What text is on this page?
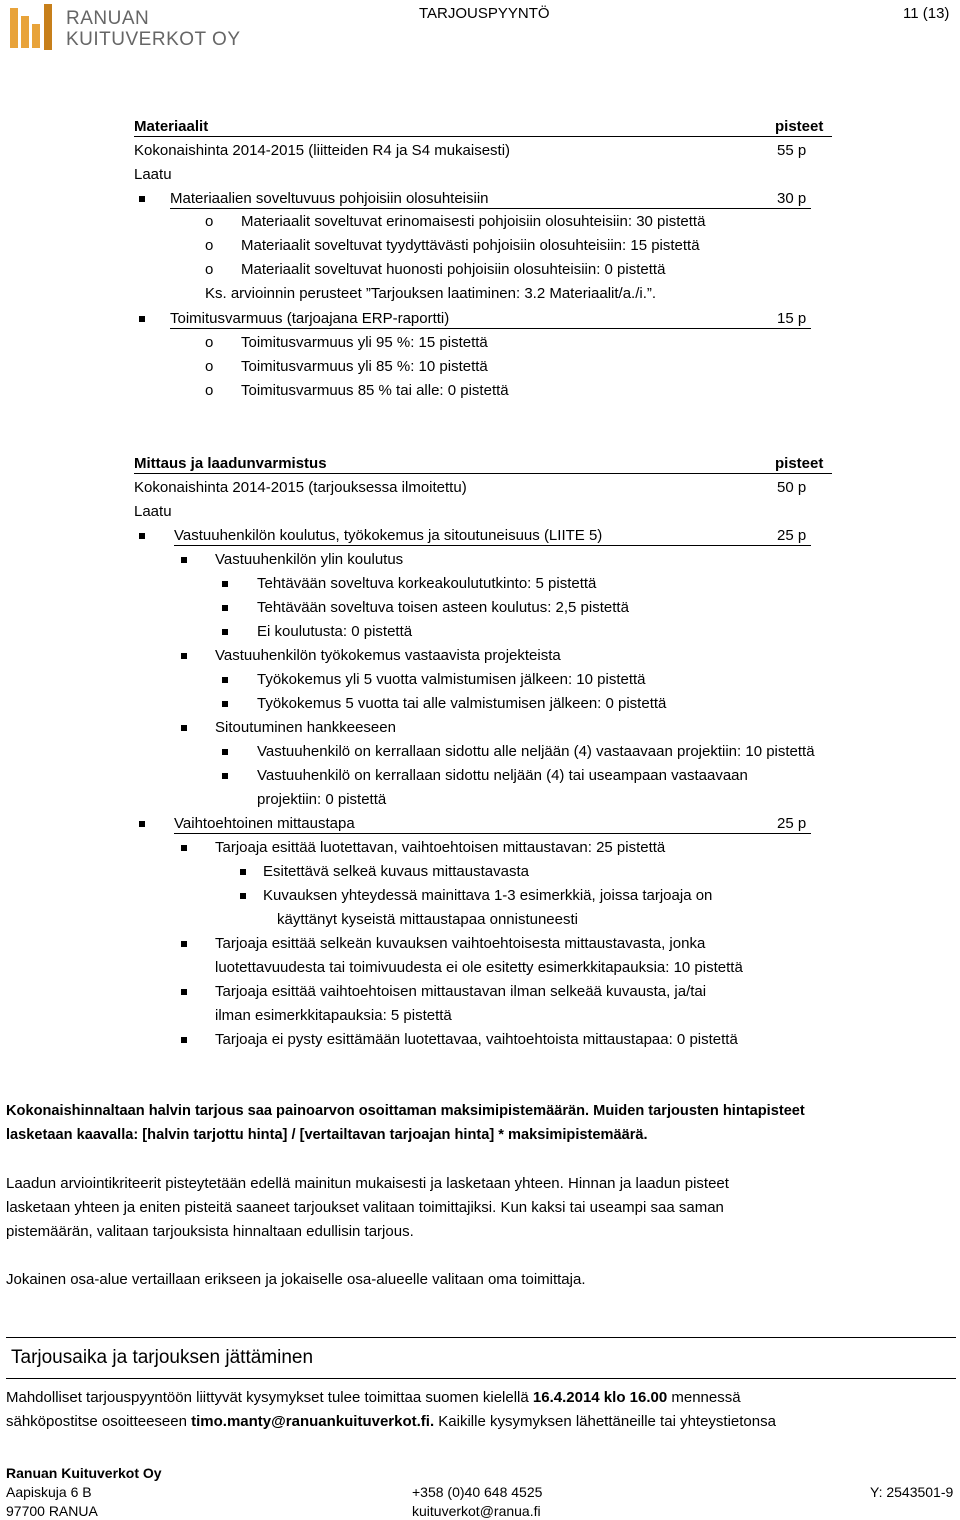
RANUAN
KUITUVERKOT OY
TARJOUSPYYNTÖ	11 (13)
Materiaalit	pisteet
Kokonaishinta 2014-2015 (liitteiden R4 ja S4 mukaisesti)	55 p
Laatu
Materiaalien soveltuvuus pohjoisiin olosuhteisiin	30 p
o Materiaalit soveltuvat erinomaisesti pohjoisiin olosuhteisiin: 30 pistettä
o Materiaalit soveltuvat tyydyttävästi pohjoisiin olosuhteisiin: 15 pistettä
o Materiaalit soveltuvat huonosti pohjoisiin olosuhteisiin: 0 pistettä
Ks. arvioinnin perusteet ”Tarjouksen laatiminen: 3.2 Materiaalit/a./i.”.
Toimitusvarmuus (tarjoajana ERP-raportti)	15 p
o Toimitusvarmuus yli 95 %: 15 pistettä
o Toimitusvarmuus yli 85 %: 10 pistettä
o Toimitusvarmuus 85 % tai alle: 0 pistettä
Mittaus ja laadunvarmistus	pisteet
Kokonaishinta 2014-2015 (tarjouksessa ilmoitettu)	50 p
Laatu
Vastuuhenkilön koulutus, työkokemus ja sitoutuneisuus (LIITE 5)	25 p
Vastuuhenkilön ylin koulutus
Tehtävään soveltuva korkeakoulututkinto: 5 pistettä
Tehtävään soveltuva toisen asteen koulutus: 2,5 pistettä
Ei koulutusta: 0 pistettä
Vastuuhenkilön työkokemus vastaavista projekteista
Työkokemus yli 5 vuotta valmistumisen jälkeen: 10 pistettä
Työkokemus 5 vuotta tai alle valmistumisen jälkeen: 0 pistettä
Sitoutuminen hankkeeseen
Vastuuhenkilö on kerrallaan sidottu alle neljään (4) vastaavaan projektiin: 10 pistettä
Vastuuhenkilö on kerrallaan sidottu neljään (4) tai useampaan vastaavaan
projektiin: 0 pistettä
Vaihtoehtoinen mittaustapa	25 p
Tarjoaja esittää luotettavan, vaihtoehtoisen mittaustavan: 25 pistettä
Esitettävä selkeä kuvaus mittaustavasta
Kuvauksen yhteydessä mainittava 1-3 esimerkkiä, joissa tarjoaja on
käyttänyt kyseistä mittaustapaa onnistuneesti
Tarjoaja esittää selkeän kuvauksen vaihtoehtoisesta mittaustavasta, jonka
luotettavuudesta tai toimivuudesta ei ole esitetty esimerkkitapauksia: 10 pistettä
Tarjoaja esittää vaihtoehtoisen mittaustavan ilman selkeää kuvausta, ja/tai
ilman esimerkkitapauksia: 5 pistettä
Tarjoaja ei pysty esittämään luotettavaa, vaihtoehtoista mittaustapaa: 0 pistettä
Kokonaishinnaltaan halvin tarjous saa painoarvon osoittaman maksimipistemäärän. Muiden tarjousten hintapisteet
lasketaan kaavalla: [halvin tarjottu hinta] / [vertailtavan tarjoajan hinta] * maksimipistemäärä.
Laadun arviointikriteerit pisteytetään edellä mainitun mukaisesti ja lasketaan yhteen. Hinnan ja laadun pisteet
lasketaan yhteen ja eniten pisteitä saaneet tarjoukset valitaan toimittajiksi. Kun kaksi tai useampi saa saman
pistemäärän, valitaan tarjouksista hinnaltaan edullisin tarjous.
Jokainen osa-alue vertaillaan erikseen ja jokaiselle osa-alueelle valitaan oma toimittaja.
Tarjousaika ja tarjouksen jättäminen
Mahdolliset tarjouspyyntöön liittyvät kysymykset tulee toimittaa suomen kielellä 16.4.2014 klo 16.00 mennessä
sähköpostitse osoitteeseen timo.manty@ranuankuituverkot.fi. Kaikille kysymyksen lähettäneille tai yhteystietonsa
Ranuan Kuituverkot Oy
Aapiskuja 6 B
97700 RANUA
+358 (0)40 648 4525
kuituverkot@ranua.fi
Y: 2543501-9
